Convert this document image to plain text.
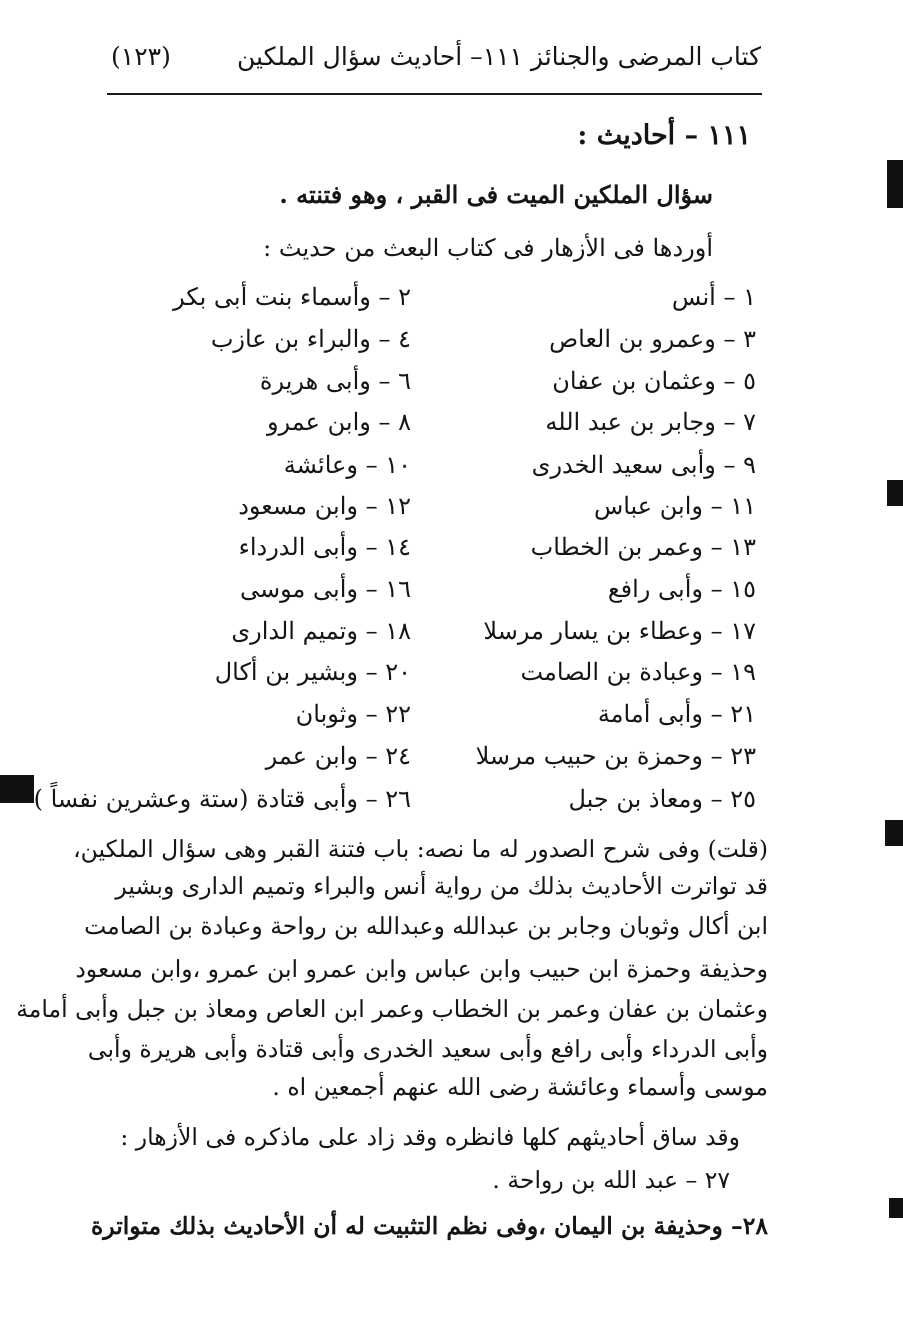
كتاب المرضى والجنائز ١١١– أحاديث سؤال الملكين
(١٢٣)
١١١ – أحاديث :
سؤال الملكين الميت فى القبر ، وهو فتنته .
أوردها فى الأزهار فى كتاب البعث من حديث :
١ – أنس
٢ – وأسماء بنت أبى بكر
٣ – وعمرو بن العاص
٤ – والبراء بن عازب
٥ – وعثمان بن عفان
٦ – وأبى هريرة
٧ – وجابر بن عبد الله
٨ – وابن عمرو
٩ – وأبى سعيد الخدرى
١٠ – وعائشة
١١ – وابن عباس
١٢ – وابن مسعود
١٣ – وعمر بن الخطاب
١٤ – وأبى الدرداء
١٥ – وأبى رافع
١٦ – وأبى موسى
١٧ – وعطاء بن يسار مرسلا
١٨ – وتميم الدارى
١٩ – وعبادة بن الصامت
٢٠ – وبشير بن أكال
٢١ – وأبى أمامة
٢٢ – وثوبان
٢٣ – وحمزة بن حبيب مرسلا
٢٤ – وابن عمر
٢٥ – ومعاذ بن جبل
٢٦ – وأبى قتادة (ستة وعشرين نفساً )
(قلت) وفى شرح الصدور له ما نصه: باب فتنة القبر وهى سؤال الملكين،
قد تواترت الأحاديث بذلك من رواية أنس والبراء وتميم الدارى وبشير
ابن أكال وثوبان وجابر بن عبدالله وعبدالله بن رواحة وعبادة بن الصامت
وحذيفة وحمزة ابن حبيب وابن عباس وابن عمرو ابن عمرو ،وابن مسعود
وعثمان بن عفان وعمر بن الخطاب وعمر ابن العاص ومعاذ بن جبل وأبى أمامة
وأبى الدرداء وأبى رافع وأبى سعيد الخدرى وأبى قتادة وأبى هريرة وأبى
موسى وأسماء وعائشة رضى الله عنهم أجمعين اه .
وقد ساق أحاديثهم كلها فانظره وقد زاد على ماذكره فى الأزهار :
٢٧ – عبد الله بن رواحة .
٢٨– وحذيفة بن اليمان ،وفى نظم التثبيت له أن الأحاديث بذلك متواترة
